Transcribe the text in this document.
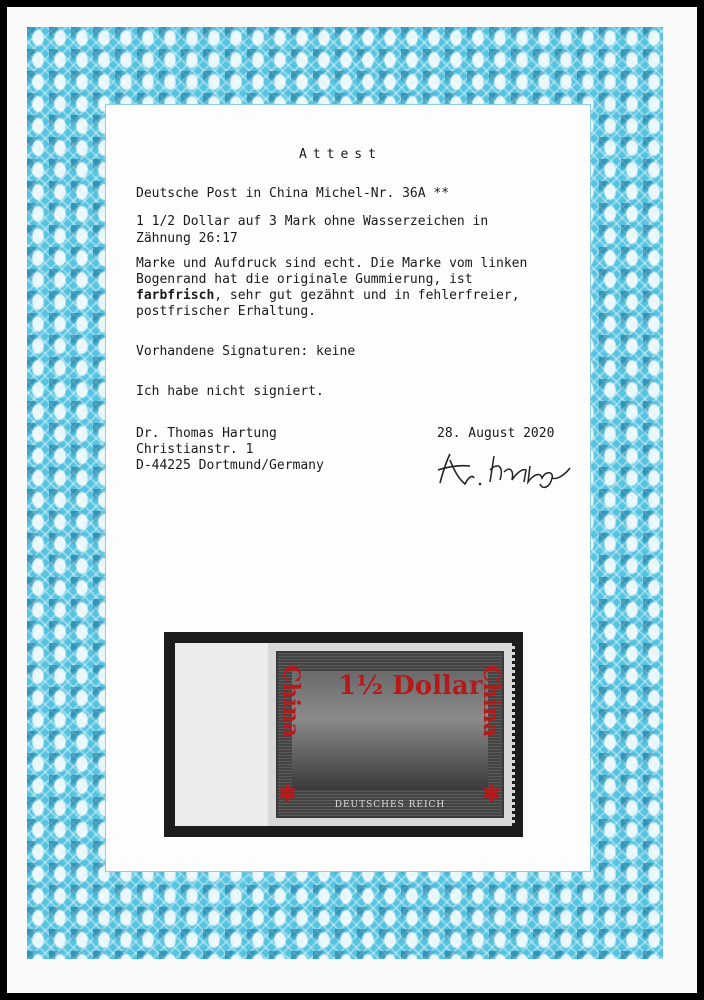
Attest
Deutsche Post in China Michel-Nr. 36A **
1 1/2 Dollar auf 3 Mark ohne Wasserzeichen in
Zähnung 26:17
Marke und Aufdruck sind echt. Die Marke vom linken
Bogenrand hat die originale Gummierung, ist
farbfrisch, sehr gut gezähnt und in fehlerfreier,
postfrischer Erhaltung.
Vorhandene Signaturen: keine
Ich habe nicht signiert.
Dr. Thomas Hartung
Christianstr. 1
D-44225 Dortmund/Germany
28. August 2020
DEUTSCHES REICH
1½ Dollar
China	China
✱	✱
